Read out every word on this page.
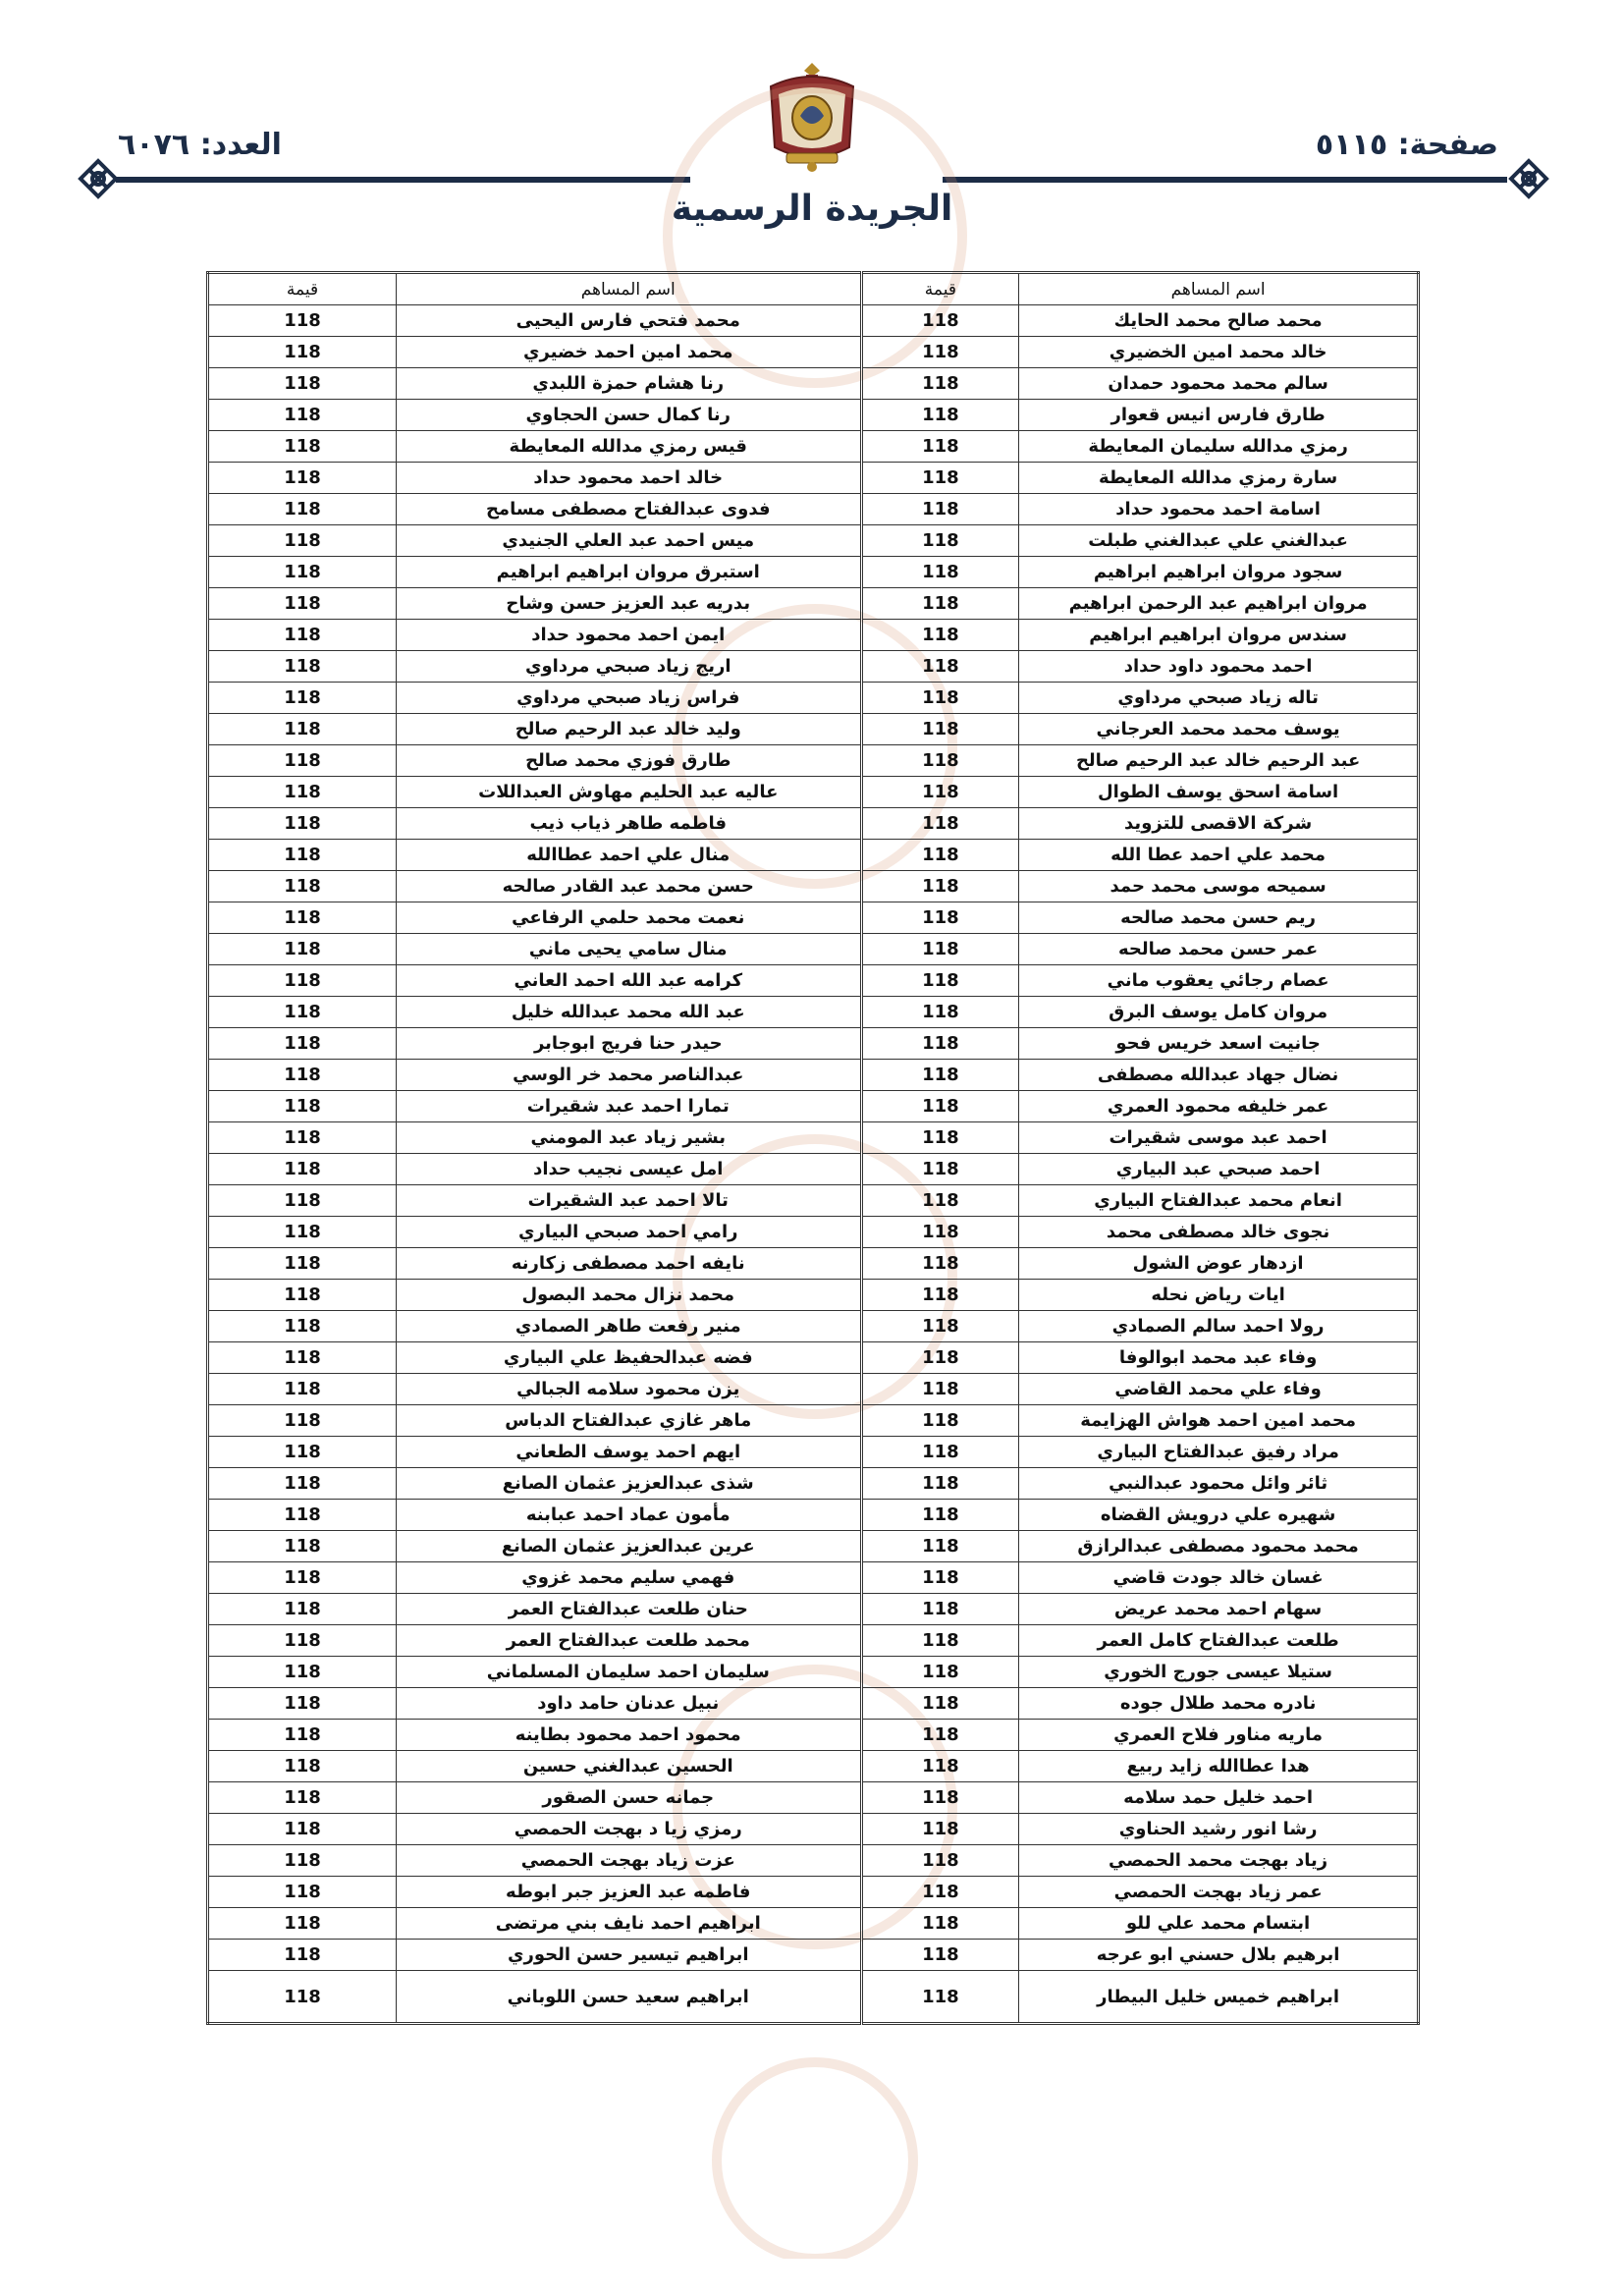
صفحة: ٥١١٥
العدد: ٦٠٧٦
الجريدة الرسمية
اسم المساهم	قيمة	اسم المساهم	قيمة
محمد صالح محمد الحايك	118	محمد فتحي فارس اليحيى	118
خالد محمد امين الخضيري	118	محمد امين احمد خضيري	118
سالم محمد محمود حمدان	118	رنا هشام حمزة اللبدي	118
طارق فارس انيس قعوار	118	رنا كمال حسن الحجاوي	118
رمزي مدالله سليمان المعايطة	118	قيس رمزي مدالله المعايطة	118
سارة رمزي مدالله المعايطة	118	خالد احمد محمود حداد	118
اسامة احمد محمود حداد	118	فدوى عبدالفتاح مصطفى مسامح	118
عبدالغني علي عبدالغني طبلت	118	ميس احمد عبد العلي الجنيدي	118
سجود مروان ابراهيم ابراهيم	118	استبرق مروان ابراهيم ابراهيم	118
مروان ابراهيم عبد الرحمن ابراهيم	118	بدريه عبد العزيز حسن وشاح	118
سندس مروان ابراهيم ابراهيم	118	ايمن احمد محمود حداد	118
احمد محمود داود حداد	118	اريج زياد صبحي مرداوي	118
تاله زياد صبحي مرداوي	118	فراس زياد صبحي مرداوي	118
يوسف محمد محمد العرجاني	118	وليد خالد عبد الرحيم صالح	118
عبد الرحيم خالد عبد الرحيم صالح	118	طارق فوزي محمد صالح	118
اسامة اسحق يوسف الطوال	118	عاليه عبد الحليم مهاوش العبداللات	118
شركة الاقصى للتزويد	118	فاطمه طاهر ذياب ذيب	118
محمد علي احمد عطا الله	118	منال علي احمد عطاالله	118
سميحه موسى محمد حمد	118	حسن محمد عبد القادر صالحه	118
ريم حسن محمد صالحه	118	نعمت محمد حلمي الرفاعي	118
عمر حسن محمد صالحه	118	منال سامي يحيى ماني	118
عصام رجائي يعقوب ماني	118	كرامه عبد الله احمد العاني	118
مروان كامل يوسف البرق	118	عبد الله محمد عبدالله خليل	118
جانيت اسعد خريس فحو	118	حيدر حنا فريج ابوجابر	118
نضال جهاد عبدالله مصطفى	118	عبدالناصر محمد خر الوسي	118
عمر خليفه محمود العمري	118	تمارا احمد عبد شقيرات	118
احمد عبد موسى شقيرات	118	بشير زياد عبد المومني	118
احمد صبحي عبد البياري	118	امل عيسى نجيب حداد	118
انعام محمد عبدالفتاح البياري	118	تالا احمد عبد الشقيرات	118
نجوى خالد مصطفى محمد	118	رامي احمد صبحي البياري	118
ازدهار عوض الشول	118	نايفه احمد مصطفى زكارنه	118
ايات رياض نحله	118	محمد نزال محمد البصول	118
رولا احمد سالم الصمادي	118	منير رفعت طاهر الصمادي	118
وفاء عبد محمد ابوالوفا	118	فضه عبدالحفيظ علي البياري	118
وفاء علي محمد القاضي	118	يزن محمود سلامه الجبالي	118
محمد امين احمد هواش الهزايمة	118	ماهر غازي عبدالفتاح الدباس	118
مراد رفيق عبدالفتاح البياري	118	ايهم احمد يوسف الطعاني	118
ثائر وائل محمود عبدالنبي	118	شذى عبدالعزيز عثمان الصانع	118
شهيره علي درويش القضاه	118	مأمون عماد احمد عبابنه	118
محمد محمود مصطفى عبدالرازق	118	عرين عبدالعزيز عثمان الصانع	118
غسان خالد جودت قاضي	118	فهمي سليم محمد غزوي	118
سهام احمد محمد عريض	118	حنان طلعت عبدالفتاح العمر	118
طلعت عبدالفتاح كامل العمر	118	محمد طلعت عبدالفتاح العمر	118
ستيلا عيسى جورج الخوري	118	سليمان احمد سليمان المسلماني	118
نادره محمد طلال جوده	118	نبيل عدنان حامد داود	118
ماريه مناور فلاح العمري	118	محمود احمد محمود بطاينه	118
هدا عطاالله زايد ربيع	118	الحسين عبدالغني حسين	118
احمد خليل حمد سلامه	118	جمانه حسن الصقور	118
رشا انور رشيد الحناوي	118	رمزي زيا د بهجت الحمصي	118
زياد بهجت محمد الحمصي	118	عزت زياد بهجت الحمصي	118
عمر زياد بهجت الحمصي	118	فاطمه عبد العزيز جبر ابوطه	118
ابتسام محمد علي للو	118	ابراهيم احمد نايف بني مرتضى	118
ابرهيم بلال حسني ابو عرجه	118	ابراهيم تيسير حسن الحوري	118
ابراهيم خميس خليل البيطار	118	ابراهيم سعيد حسن اللوباني	118
